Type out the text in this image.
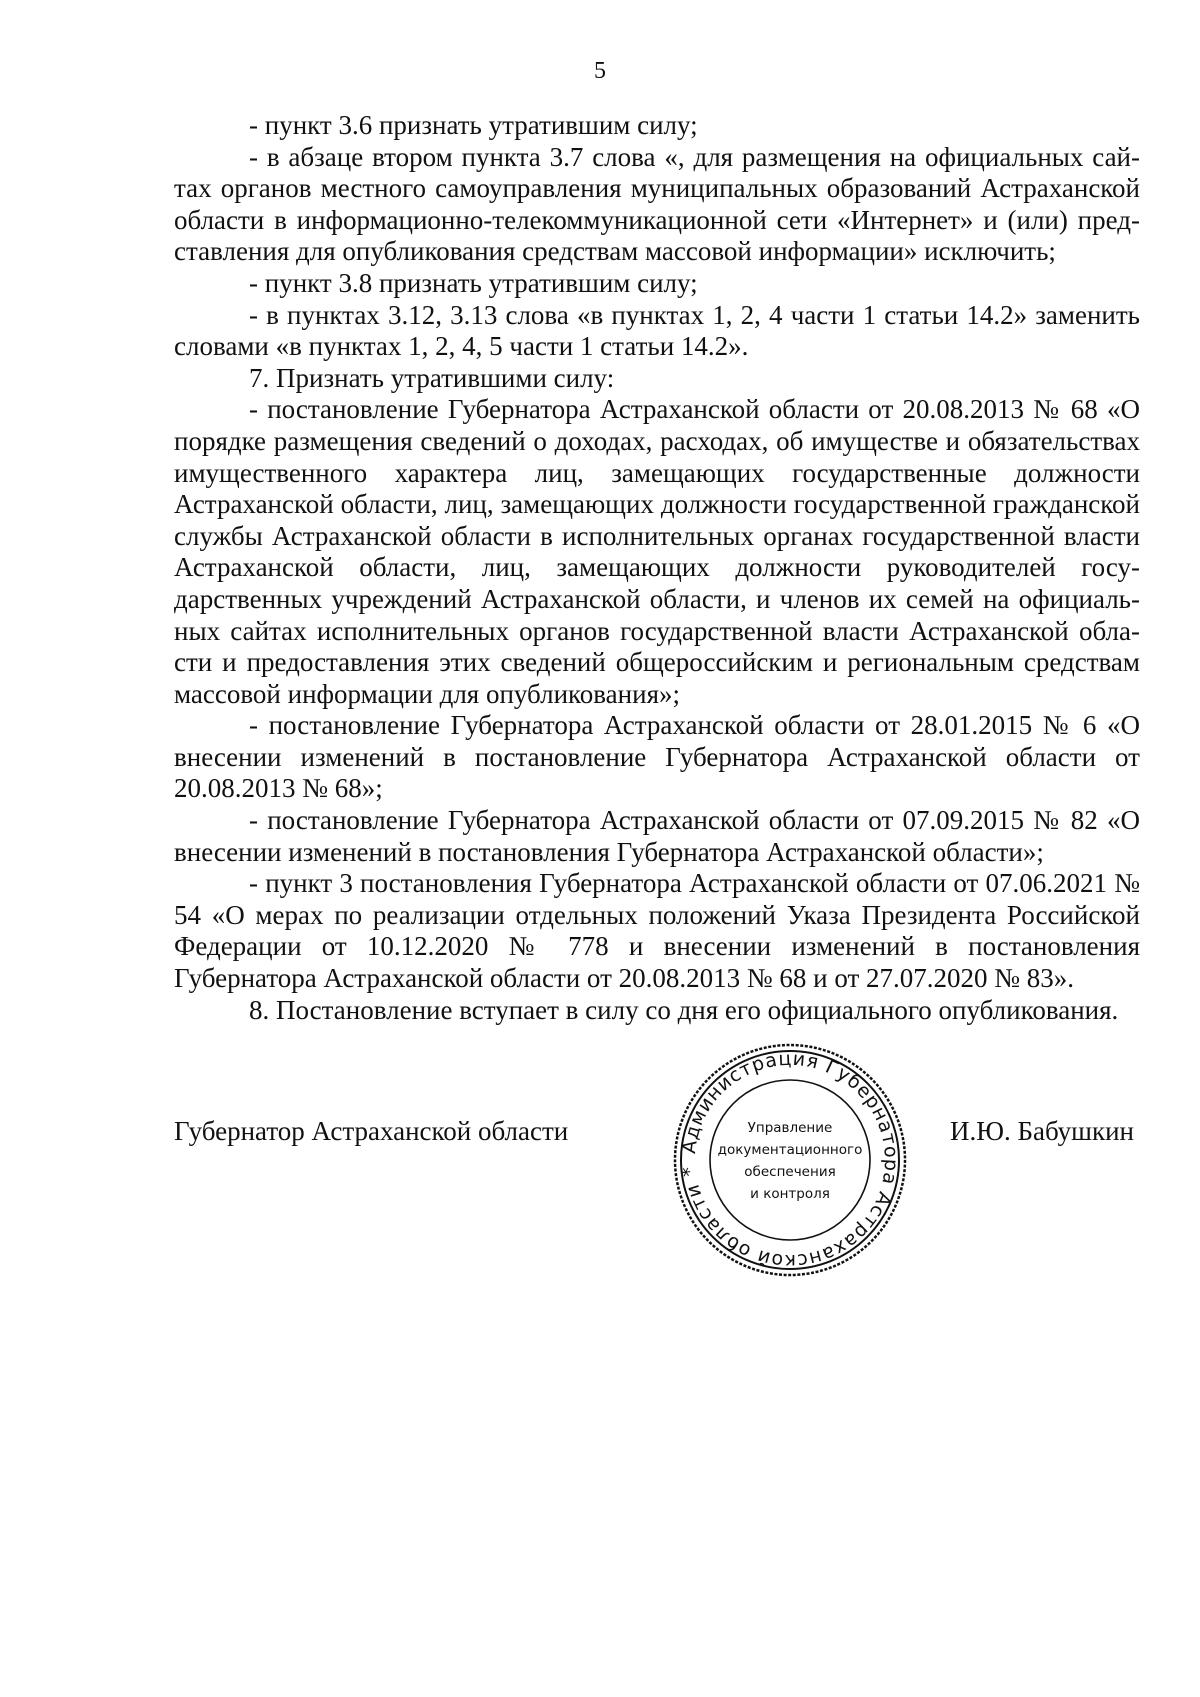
5

- пункт 3.6 признать утратившим силу;

- в абзаце втором пункта 3.7 слова «, для размещения на официальных сайтах органов местного самоуправления муниципальных образований Астраханской области в информационно-телекоммуникационной сети «Интернет» и (или) представления для опубликования средствам массовой информации» исключить;

- пункт 3.8 признать утратившим силу;

- в пунктах 3.12, 3.13 слова «в пунктах 1, 2, 4 части 1 статьи 14.2» заменить словами «в пунктах 1, 2, 4, 5 части 1 статьи 14.2».

7. Признать утратившими силу:

- постановление Губернатора Астраханской области от 20.08.2013 № 68 «О порядке размещения сведений о доходах, расходах, об имуществе и обязательствах имущественного характера лиц, замещающих государственные должности Астраханской области, лиц, замещающих должности государственной гражданской службы Астраханской области в исполнительных органах государственной власти Астраханской области, лиц, замещающих должности руководителей государственных учреждений Астраханской области, и членов их семей на официальных сайтах исполнительных органов государственной власти Астраханской области и предоставления этих сведений общероссийским и региональным средствам массовой информации для опубликования»;

- постановление Губернатора Астраханской области от 28.01.2015 № 6 «О внесении изменений в постановление Губернатора Астраханской области от 20.08.2013 № 68»;

- постановление Губернатора Астраханской области от 07.09.2015 № 82 «О внесении изменений в постановления Губернатора Астраханской области»;

- пункт 3 постановления Губернатора Астраханской области от 07.06.2021 № 54 «О мерах по реализации отдельных положений Указа Президента Российской Федерации от 10.12.2020 № 778 и внесении изменений в постановления Губернатора Астраханской области от 20.08.2013 № 68 и от 27.07.2020 № 83».

8. Постановление вступает в силу со дня его официального опубликования.

Губернатор Астраханской области	И.Ю. Бабушкин
Администрация Губернатора Астраханской области *
Управление
документационного
обеспечения
и контроля
